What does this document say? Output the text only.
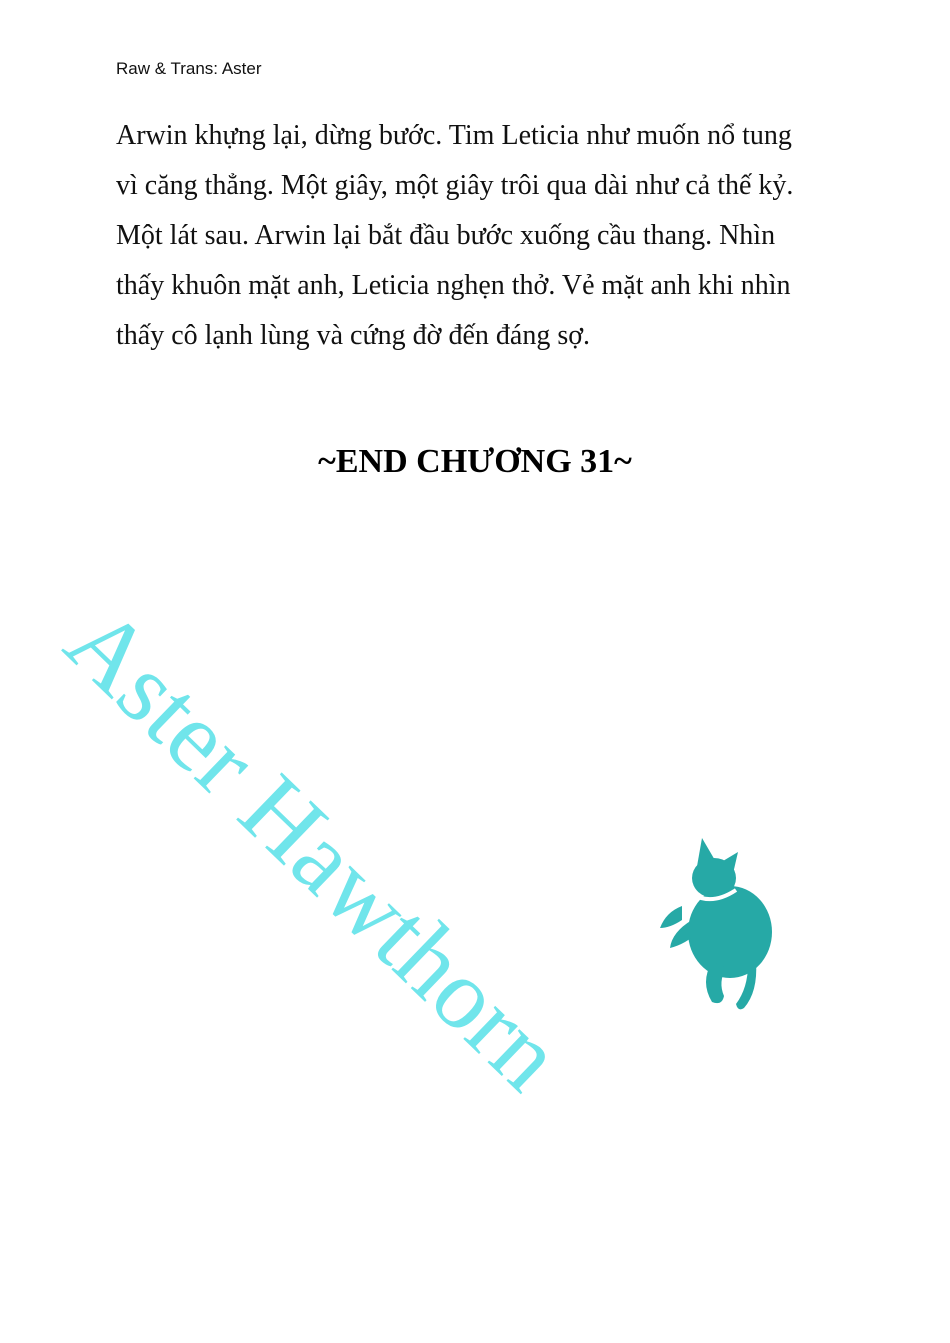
Raw & Trans: Aster
Arwin khựng lại, dừng bước. Tim Leticia như muốn nổ tung
vì căng thẳng. Một giây, một giây trôi qua dài như cả thế kỷ.
Một lát sau. Arwin lại bắt đầu bước xuống cầu thang. Nhìn
thấy khuôn mặt anh, Leticia nghẹn thở. Vẻ mặt anh khi nhìn
thấy cô lạnh lùng và cứng đờ đến đáng sợ.
~END CHƯƠNG 31~
Aster Hawthorn
